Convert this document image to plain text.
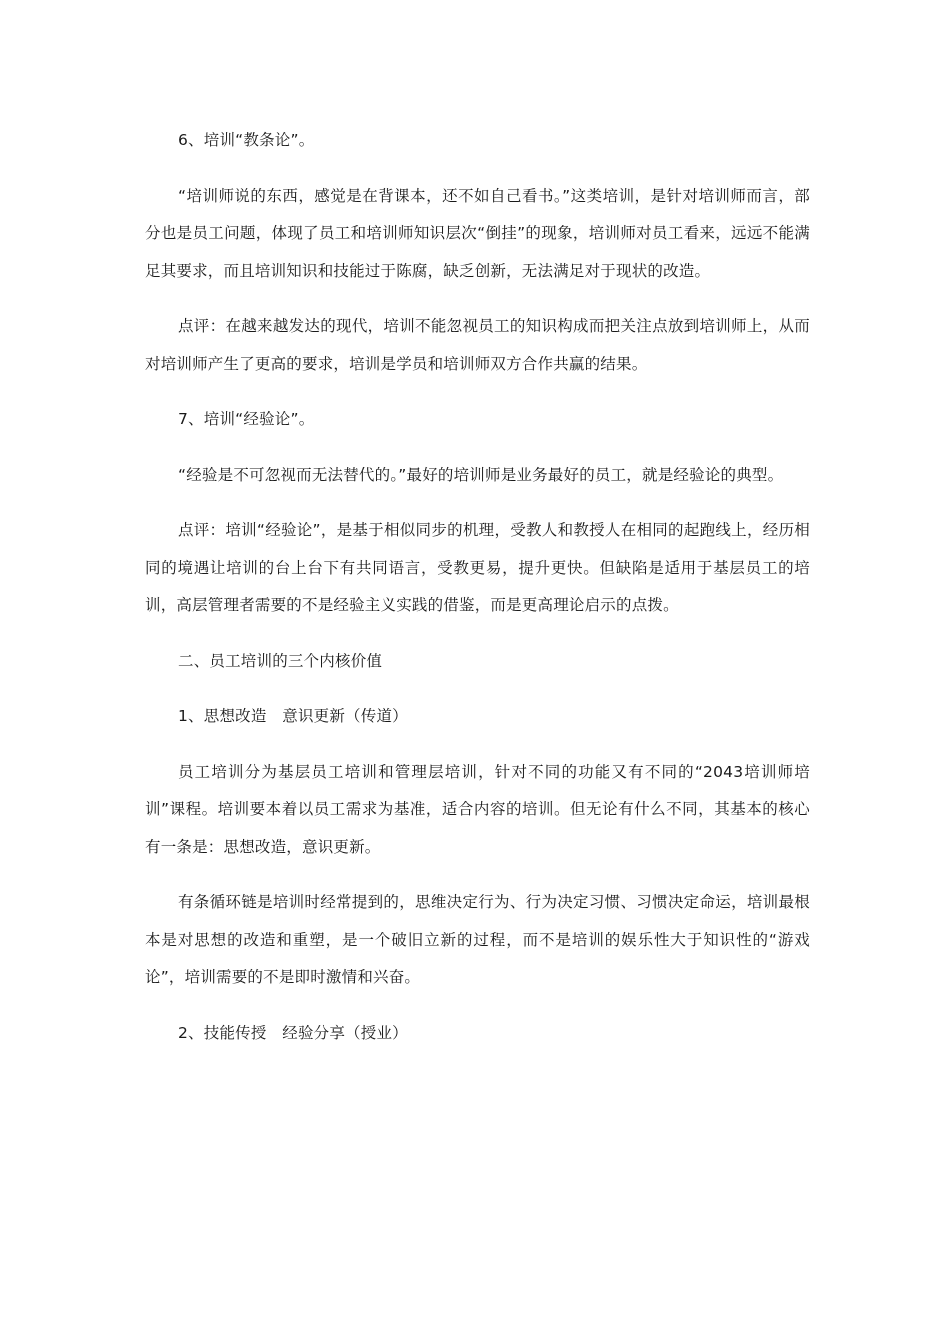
6、培训“教条论”。

“培训师说的东西，感觉是在背课本，还不如自己看书。”这类培训，是针对培训师而言，部分也是员工问题，体现了员工和培训师知识层次“倒挂”的现象，培训师对员工看来，远远不能满足其要求，而且培训知识和技能过于陈腐，缺乏创新，无法满足对于现状的改造。

点评：在越来越发达的现代，培训不能忽视员工的知识构成而把关注点放到培训师上，从而对培训师产生了更高的要求，培训是学员和培训师双方合作共赢的结果。

7、培训“经验论”。

“经验是不可忽视而无法替代的。”最好的培训师是业务最好的员工，就是经验论的典型。

点评：培训“经验论”，是基于相似同步的机理，受教人和教授人在相同的起跑线上，经历相同的境遇让培训的台上台下有共同语言，受教更易，提升更快。但缺陷是适用于基层员工的培训，高层管理者需要的不是经验主义实践的借鉴，而是更高理论启示的点拨。

二、员工培训的三个内核价值

1、思想改造　意识更新（传道）

员工培训分为基层员工培训和管理层培训，针对不同的功能又有不同的“2043培训师培训”课程。培训要本着以员工需求为基准，适合内容的培训。但无论有什么不同，其基本的核心有一条是：思想改造，意识更新。

有条循环链是培训时经常提到的，思维决定行为、行为决定习惯、习惯决定命运，培训最根本是对思想的改造和重塑，是一个破旧立新的过程，而不是培训的娱乐性大于知识性的“游戏论”，培训需要的不是即时激情和兴奋。

2、技能传授　经验分享（授业）
